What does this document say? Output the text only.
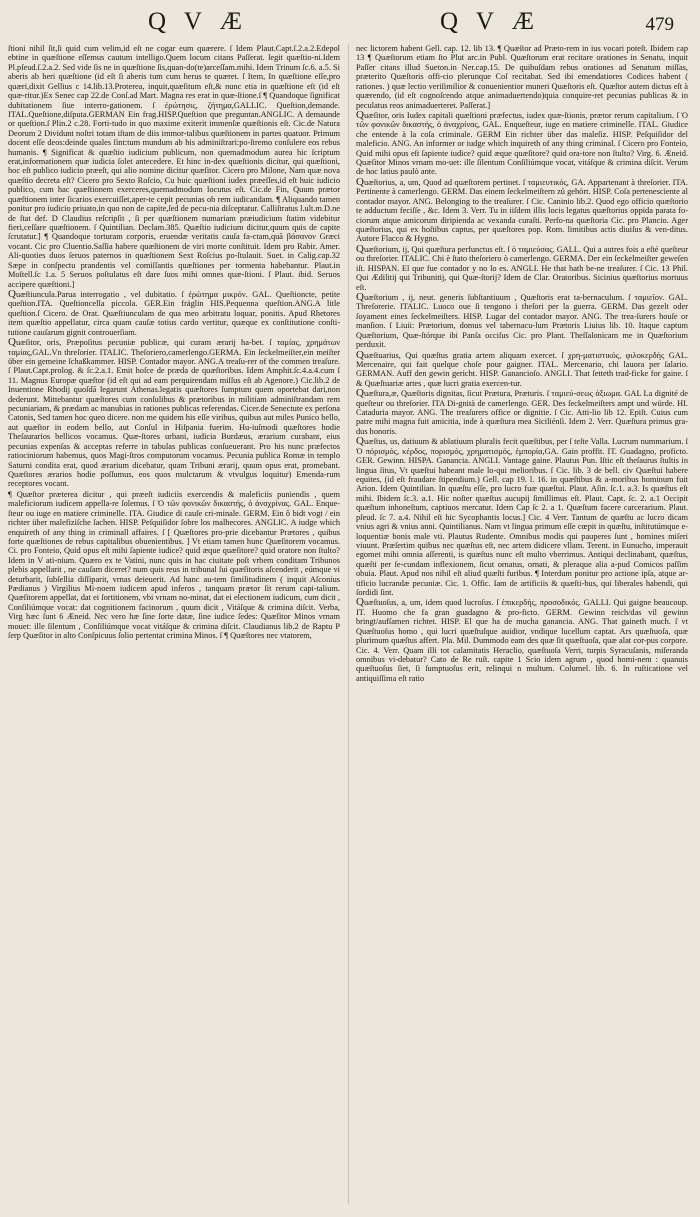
Q V Æ	Q V Æ	479

ſtioni nihil ſit,ſi quid cum velim,id eſt ne cogar eum quærere. ſ Idem Plaut.Capt.ſ.2.a.2.Edepol ebtine in quæſtione eſſemus cautum intelligo.Quem locum citans Paſſerat. legit quæſtio-ni.Idem Pl.pſeud.ſ.2.a.2. Sed vide ſis ne in quæſtione ſis,quan-do(te)arceſſam.mihi. Idem Trinum ſc.6. a.5. Si aberis ab heri quæſtione (id eſt ſi aberis tum cum herus te quæret. ſ Item, In quæſtione eſſe,pro quæri,dixit Gellius c 14.lib.13.Proterea, inquit,quæſitum eſt,& nunc etia in quæſtione eſt (id eſt quæ-ritur.)Ex Senec cap 22.de Conſ.ad Mart. Magna res erat in quæ-ſtione.ſ ¶ Quandoque ſignificat dubitationem ſiue interro-gationem. ſ ἐρώτησις, ζήτημα,GALLIC. Queſtion,demande. ITAL.Queſtione,diſputa.GERMAN Ein frag.HISP.Queſtion que preguntan.ANGLIC. A demaunde or queſtion.ſ Plin.2 c.28. Forti-tudo in quo maxime exiterit immenſæ quæſtionis eſt. Cic.de Natura Deorum 2 Dividunt noſtri totam iſtam de diis immor-talibus quæſtionem in partes quatuor. Primum docent eſſe deos:deinde quales ſint:tum mundum ab his adminiſtrari:po-ſtremo conſulere eos rebus humanis. ¶ Significat & quæſtio iudicium publicum, non quemadmodum aurea hic ſcriptum erat,informationem quæ iudicia ſolet antecedere. Et hinc in-dex quæſtionis dicitur, qui quæſtioni, hoc eſt publico iudicio præeſt, qui alio nomine dicitur quæſitor. Cicero pro Milone, Nam quæ nova quæſtio decreta eſt? Cicero pro Sexto Roſcio, Cu huic quæſtioni iudex præeſſes,id eſt huic iudicio publico, cum hac quæſtionem exerceres,quemadmodum locutus eſt. Cic.de Fin, Quum prætor quæſtionem inter ſicarios exercuiſſet,aper-te cepit pecunias ob rem iudicandam. ¶ Aliquando tamen ponitur pro iudicio priuato,in quo non de capite,ſed de pecu-nia diſceptatur. Calliſtratus l.ult.m.D.ne de ſtat def. D Claudius reſcripſit , ſi per quæſtionem numariam præiudicium ſtatim videbitur fieri,ceſſare quæſtionem. ſ Quintilian. Declam.385. Quæſtio iudicium dicitur,quum quis de capite ſcrutatur.] ¶ Quandoque torturam corporis, eruendæ veritatis cauſa fa-ctam,quā βάσανον Græci vocant. Cic pro Cluentio.Saſſia habere quæſtionem de viri morte conſtituit. Idem pro Rabir. Amer. Ali-quoties duos ſeruos paternos in quæſtionem Sext Roſcius po-ſtulauit. Suet. in Calig.cap.32 Sæpe in conſpectu prandentis vel comiſſantis quæſtiones per tormenta habebantur. Plaut.in Moſtell.ſc 1.a. 5 Seruos poſtulatus eſt dare ſuos mihi omnes quæ-ſtioni. ſ Plaut. ibid. Seruos accipere quæſtioni.]

Quæſtiuncula.Parua interrogatio , vel dubitatio. ſ ἐρώτημα μικρόν. GAL. Queſtioncte, petite queſtion.ITA. Queſtioncella piccola. GER.Ein fräglin HIS.Pequenna queſtion.ANG.A litle queſtion.ſ Cicero. de Orat. Quæſtiunculam de qua meo arbitratu loquar, ponitis. Apud Rhetores item quæſtio appellatur, circa quam cauſæ totius cardo vertitur, quæque ex conſtitutione conſti-tutione cauſarum gignit controuerſiam.

Quæſitor, oris, Præpoſitus pecuniæ publicæ, qui curam ærarij ha-bet. ſ ταμίας, χρημάτων ταμίας,GAL.Vn threſorier. ITALIC. Theſoriero,camerlengo.GERMA. Ein ſeckelmeiſter,ein meiſter über ein gemeine ſchaßkammer. HISP. Contador mayor. ANG.A treaſu-rer of the commen treaſure. ſ Plaut.Capt.prolog. & ſc.2.a.1. Emit hoſce de præda de quæſtoribus. Idem Amphit.ſc.4.a.4.cum ſ 11. Magnus Europæ quæſtor (id eſt qui ad eam perquirendam miſſus eſt ab Agenore.) Cic.lib.2 de Inuentione Rhodij quoſdā legarunt Athenas.legatis quæſtores ſumptum quem oportebat dari,non dederunt. Mittebantur quæſtores cum conſulibus & prætoribus in militiam adminiſtrandam rem pecuniariam, & prædam ac manubias in rationes publicas referendas. Cicer.de Senectute ex perſona Catonis, Sed tamen hoc queo dicere. non me quidem his eſſe viribus, quibus aut miles Punico bello, aut quæſtor in eodem bello, aut Conſul in Hiſpania fuerim. Hu-iuſmodi quæſtores hodie Theſaurarios bellicos vocamus. Quæ-ſtores urbani, iudicia Burdæus, ærarium curabant, eius pecunias expenſas & acceptas referre in tabulas publicas conſueuerant. Pro his nunc præfectos ratiociniorum habemus, quos Magi-ſtros computorum vocamus. Pecunia publica Romæ in templo Saturni condita erat, quod ærarium dicebatur, quam Tribuni ærarij, quum opus erat, promebant. Quæſtores ærarios hodie poſſumus, eos quos mulctarum & vtvulgus loquitur) Emenda-rum receptores vocant.

¶ Quæſtor præterea dicitur , qui præeſt iudiciis exercendis & maleficiis puniendis , quem maleficiorum iudicem appella-re ſolemus. ſ Ὁ τῶν φονικῶν δικαστής, ὁ ἀναχρίνας. GAL. Enque-ſteur ou iuge en matiere criminelle. ITA. Giudice di cauſe cri-minale. GERM. Ein ô bidt vogt / ein richter über malefiziſche ſachen. HISP. Peſquiſidor ſobre los malhecores. ANGLIC. A iudge which enquireth of any thing in criminall affaires. ſ [ Quæſtores pro-prie dicebantur Prætores , quibus forte quæſtiones de rebus capitalibus obuenientibus. ] Vt etiam tamen hunc Quæſitorem vocamus. Ci. pro Fonteio, Quid opus eſt mihi ſapiente iudice? quid æque quæſitore? quid oratore non ſtulto? Idem in V ati-nium. Quæro ex te Vatini, nunc quis in hac ciuitate poſt vrbem conditam Tribunos plebis appellarit , ne cauſam diceret? num quis reus in tribunal ſui quæſitoris aſcenderit , eúmque vi deturbarit, ſubſellia diſſiparit, vrnas deieuerit. Ad hanc au-tem ſimilitudinem ( inquit Aſconius Pædianus ) Virgilius Mi-noem iudicem apud inferos , tanquam prætor ſit rerum capi-talium. Quæſitorem appellat, dat ei ſortitionem, vbi vrnam no-minat, dat ei electionem iudicum, cum dicit , Conſiliúmque vocat: dat cognitionem facinorum , quum dicit , Vitáſque & crimina diſcit. Verba, Virg hæc ſunt 6 Æneid. Nec vero hæ ſine ſorte datæ, ſine iudice ſedes: Quæſitor Minos vrnam mouet: ille ſilentum , Conſiliúmque vocat vitáſque & crimina diſcit. Claudianus lib.2 de Raptu P ſerp Quæſitor in alto Conſpicuus ſolio pertentat crimina Minos. ſ ¶ Quæſtores nec vtatorem,

nec lictorem habent Gell. cap. 12. lib 13. ¶ Quæſtor ad Præto-rem in ius vocari poteſt. Ibidem cap 13 ¶ Quæſtorum etiam ſto Plut arc.in Publ. Quæſtorum erat recitare orationes in Senatu, inquit Paſſer citans illud Sueton.in Ner.cap.15. De quibuſdam rebus orationes ad Senatum miſſas, præterito Quæſtoris offi-cio plerunque Coſ recitabat. Sed ibi emendatiores Codices habent ( rationes. ) quæ lectio veriſimilior & conuenientior muneri Quæſtoris eſt. Quæſtor autem dictus eſt à quærendo, (id eſt cognoſcendo atque animaduertendo)quia conquire-ret pecunias publicas & in peculatus reos animaduerteret. Paſſerat.]

Quæſitor, oris Iudex capitali quæſtioni præfectus, iudex quæ-ſtionis, prætor rerum capitalium. ſ Ὁ τῶν φονικῶν δικαστής, ὁ ἀναχρίνας, GAL. Enqueſteur, iuge en matiere criminelle. ITAL. Giudice che entende à la coſa criminale. GERM Ein richter über das maleſiz. HISP. Peſquiſidor del maleficio. ANG. An informer or iudge which inquireth of any thing criminal. ſ Cicero pro Fonteio, Quid mihi opus eſt ſapiente iudice? quid æque quæſitore? quid ora-tore non ſtulto? Virg. 6. Æneid. Quæſitor Minos vrnam mo-uet: ille ſilentum Conſiliúmque vocat, vitáſque & crimina diſcit. Verum de hoc latius paulò ante.

Quæſtorius, a, um, Quod ad quæſtorem pertinet. ſ ταμιευτικός, GA. Appartenant à threſorier. ITA. Pertinente à camerlengo. GERM. Das einem ſeckelmeiſtern zů gehört. HISP. Coſa pertenesciente al contador mayor. ANG. Belonging to the treaſurer. ſ Cic. Caninio lib.2. Quod ego officio quæſtorio te adductum feciſſe , &c. Idem 3. Verr. Tu in iiſdem illis locis legatus quæſtorius oppida parata fo-ciorum atque amicorum diripienda ac vexanda curaſti. Perfo-na quæſtoria Cic. pro Plancio. Ager quæſtorius, qui ex hoſtibus captus, per quæſtores pop. Rom. limitibus actis diuiſus & ven-ditus. Autore Flacco & Hygno.

Quæſtorium, ij, Qui quæſtura perfunctus eſt. ſ ὁ ταμιεύσας. GALL. Qui a autres fois a eſté queſteur ou threſorier. ITALIC. Chi è ſtato theſoriero ò camerlengo. GERMA. Der ein ſeckelmeiſter geweſen iſt. HISPAN. El que fue contador y no lo es. ANGLI. He that hath be-ne treaſurer. ſ Cic. 13 Phil. Qui Ædilitij qui Tribunitij, qui Quæ-ſtorij? Idem de Clar. Oratoribus. Sicinius quæſtorius mortuus eſt.

Quæſtorium , ij, neut. generis ſubſtantiuum , Quæſtoris erat ta-bernaculum. ſ ταμιεῖον. GAL. Threſorerie. ITALIC. Luoco oue ſi tengono i theſori per la guerra. GERM. Das gezelt oder ſoyament eines ſeckelmeiſters. HISP. Lugar del contador mayor. ANG. The trea-ſurers houſe or manſion. ſ Liuii: Prætorium, domus vel tabernacu-lum Prætoris Liuius lib. 10. Itaque captum Quæſtorium, Quæ-ſtórque ibi Panſa occiſus Cic. pro Plant. Theſſalonicam me in Quæſtorium perduxit.

Quæſtuarius, Qui quæſtus gratia artem aliquam exercet. ſ χρη-ματιστικός, φιλοκερδής GAL. Mercenaire, qui fait quelque choſe pour gaigner. ITAL. Mercenario, chi lauora per ſalario. GERMAN. Auff den gewin gericht. HISP. Ganancioſo. ANGLI. That ſetteth trad-ficke for gaine. ſ & Quæſtuariæ artes , quæ lucri gratia exercen-tur.

Quæſtura,æ, Quæſtoris dignitas, ſicut Prætura, Præturis. ſ ταμιεύ-σεως ἀξιωμα. GAL La dignité de queſteur ou threſorier. ITA Di-gnità de camerlengo. GER. Des ſeckelmeiſters ampt und würde. HI. Cataduria mayor. ANG. The treaſurers office or dignitie. ſ Cic. Atti-lio lib 12. Epiſt. Cuius cum patre mihi magna fuit amicitia, inde à quæſtura mea Siciliénſi. Idem 2. Verr. Quæſtura primus gra-dus honoris.

Quæſtus, us, datiuum & ablatiuum pluralis fecit quæſtibus, per ſ teſte Valla. Lucrum nummarium. ſ Ὁ πόρισμός, κέρδος, πορισμός, χρηματισμός, ἐμπορία,GA. Gain proffit. IT. Guadagno, proficto. GER. Gewinn. HISPA. Ganancia. ANGLI. Vantage gaine. Plautus Pun. Iſtic eſt theſaurus ſtultis in lingua ſitus, Vt quæſtui habeant male lo-qui melioribus. ſ Cic. lib. 3 de bell. civ Quæſtui habere equites, (id eſt fraudare ſtipendium.) Gell. cap 19. l. 16. in quæſtibus & a-moribus hominum fuit Arion. Idem Quintilian. In quæſtu eſſe, pro lucro fuæ quæſtui. Plaut. Aſin. ſc.1. a.3. Is quæſtus eſt mihi. Ibidem ſc.3. a.1. Hic noſter quæſtus aucupij ſimillimus eſt. Plaut. Capt. ſc. 2. a.1 Occipit quæſtum inhoneſtum, captiuos mercatur. Idem Cap ſc 2. a 1. Quæſtum facere carcerarium. Plaut. pſeud. ſc 7. a.4. Nihil eſt hic Sycophantis locus.] Cic. 4 Verr. Tantum de quæſtu ac lucro dicam vnius agri & vnius anni. Quintilianus. Nam vt lingua primum eſſe cœpit in quæſtu, inſtitutúmque e-loquentiæ bonis male vti. Plautus Rudente. Omnibus modis qui pauperes ſunt , homines miſeri viuunt. Præſertim quibus nec quæſtus eſt, nec artem didicere vllam. Terent. in Eunucho, imperauit egomet mihi omnia aſſerenti, is quæſtus nunc eſt multo vberrimus. Antiqui declinabant, quæſtus, quæſti per ſe-cundam inflexionem, ſicut ornatus, ornati, & pleraque alia a-pud Comicos paſſim obuia. Plaut. Apud nos nihil eſt aliud quæſti furibus. ¶ Interdum ponitur pro actione ipſa, atque ar-tificio lucrandæ pecuniæ. Cic. 1. Offic. Iam de artificiis & quæſti-bus, qui liberales habendi, qui ſordidi ſint.

Quæſtuoſus, a, um, idem quod lucroſus. ſ ἐπικερδής, προσοδικός. GALLI. Qui gaigne beaucoup. IT. Huomo che fa gran guadagno & pro-ficto. GERM. Gewinn reich/das vil gewinn bringt/aufſamen richtet. HISP. El que ha de mucha ganancia. ANG. That gaineth much. ſ vt Quæſtuoſus homo , qui lucri quæſtuſque auidior, vndique lucellum captat. Ars quæſtuoſa, quæ plurimum quæſtus affert. Pla. Mil. Dummodo eam des quæ ſit quæſtuoſa, quæ alat cor-pus corpore. Cic. 4. Verr. Quam illi tot calamitatis Heraclio, quæſtuoſa Verri, turpis Syracuſanis, miſeranda omnibus vi-debatur? Cato de Re ruſt. capite 1 Scio idem agrum , quod homi-nem : quanuis quæſtuoſus ſiet, ſi ſumptuoſus erit, relinqui n multum. Columel. lib. 6. In ruſticatione vel antiquiſſima eſt ratio
